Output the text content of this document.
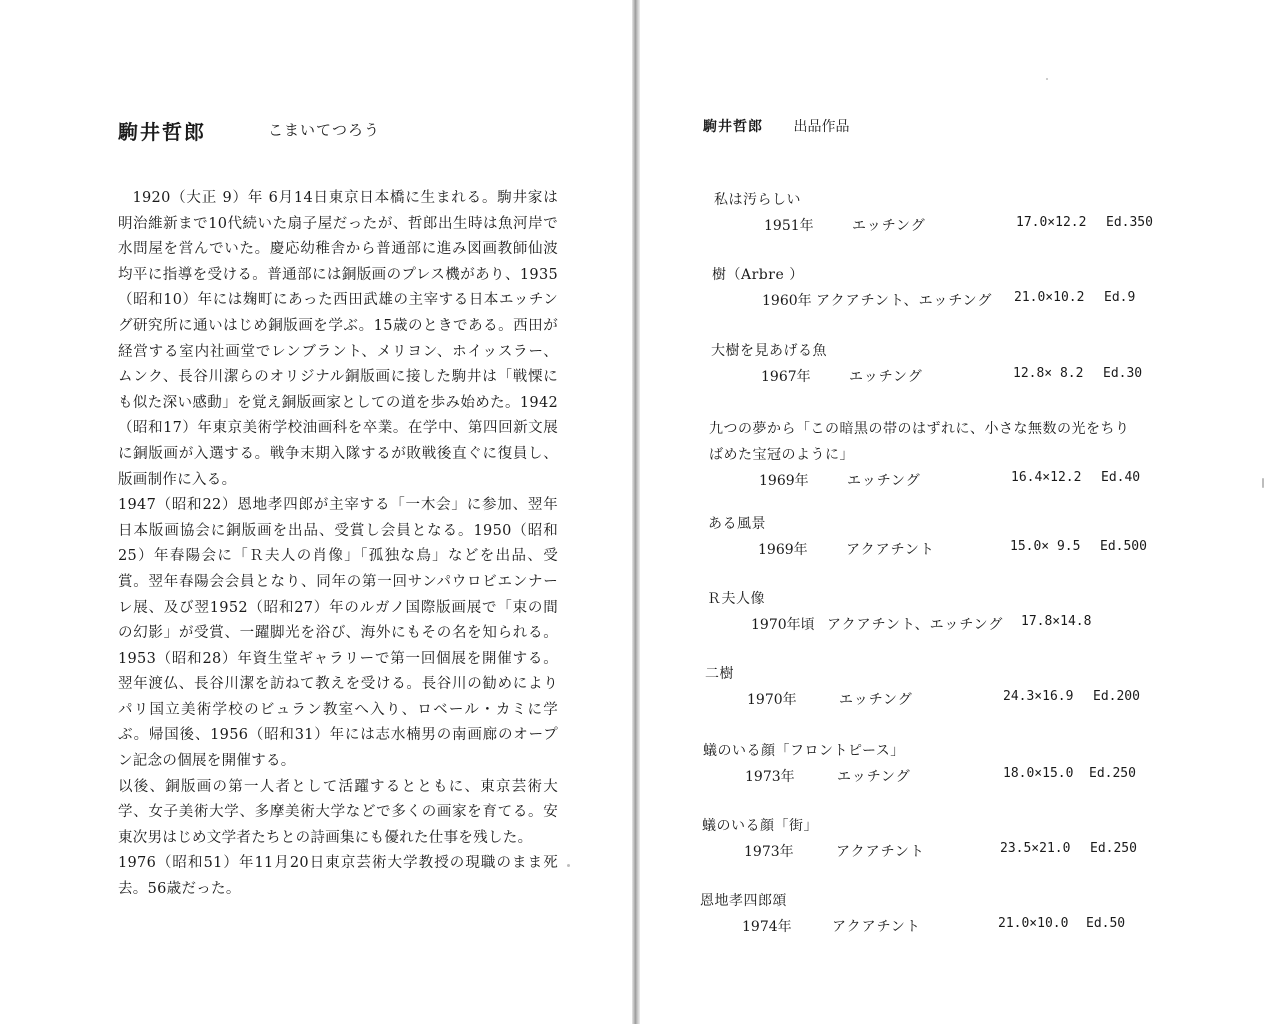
駒井哲郎	こまいてつろう

1920（大正 9）年 6月14日東京日本橋に生まれる。駒井家は明治維新まで10代続いた扇子屋だったが、哲郎出生時は魚河岸で水問屋を営んでいた。慶応幼稚舎から普通部に進み図画教師仙波均平に指導を受ける。普通部には銅版画のプレス機があり、1935（昭和10）年には麹町にあった西田武雄の主宰する日本エッチング研究所に通いはじめ銅版画を学ぶ。15歳のときである。西田が経営する室内社画堂でレンブラント、メリヨン、ホイッスラー、ムンク、長谷川潔らのオリジナル銅版画に接した駒井は「戦慄にも似た深い感動」を覚え銅版画家としての道を歩み始めた。1942（昭和17）年東京美術学校油画科を卒業。在学中、第四回新文展に銅版画が入選する。戦争末期入隊するが敗戦後直ぐに復員し、版画制作に入る。

1947（昭和22）恩地孝四郎が主宰する「一木会」に参加、翌年日本版画協会に銅版画を出品、受賞し会員となる。1950（昭和25）年春陽会に「Ｒ夫人の肖像」「孤独な鳥」などを出品、受賞。翌年春陽会会員となり、同年の第一回サンパウロビエンナーレ展、及び翌1952（昭和27）年のルガノ国際版画展で「束の間の幻影」が受賞、一躍脚光を浴び、海外にもその名を知られる。1953（昭和28）年資生堂ギャラリーで第一回個展を開催する。翌年渡仏、長谷川潔を訪ねて教えを受ける。長谷川の勧めによりパリ国立美術学校のビュラン教室へ入り、ロベール・カミに学ぶ。帰国後、1956（昭和31）年には志水楠男の南画廊のオープン記念の個展を開催する。

以後、銅版画の第一人者として活躍するとともに、東京芸術大学、女子美術大学、多摩美術大学などで多くの画家を育てる。安東次男はじめ文学者たちとの詩画集にも優れた仕事を残した。

1976（昭和51）年11月20日東京芸術大学教授の現職のまま死去。56歳だった。

駒井哲郎 出品作品
私は汚らしい
1951年	エッチング	17.0×12.2 Ed.350
樹（Arbre ）
1960年 アクアチント、エッチング 21.0×10.2 Ed.9
大樹を見あげる魚
1967年	エッチング	12.8× 8.2 Ed.30
九つの夢から「この暗黒の帯のはずれに、小さな無数の光をちり
ばめた宝冠のように」
1969年	エッチング	16.4×12.2 Ed.40
ある風景
1969年	アクアチント	15.0× 9.5 Ed.500
Ｒ夫人像
1970年頃 アクアチント、エッチング 17.8×14.8
二樹
1970年	エッチング	24.3×16.9 Ed.200
蟻のいる顔「フロントピース」
1973年	エッチング	18.0×15.0 Ed.250
蟻のいる顔「街」
1973年	アクアチント	23.5×21.0 Ed.250
恩地孝四郎頌
1974年	アクアチント	21.0×10.0 Ed.50
